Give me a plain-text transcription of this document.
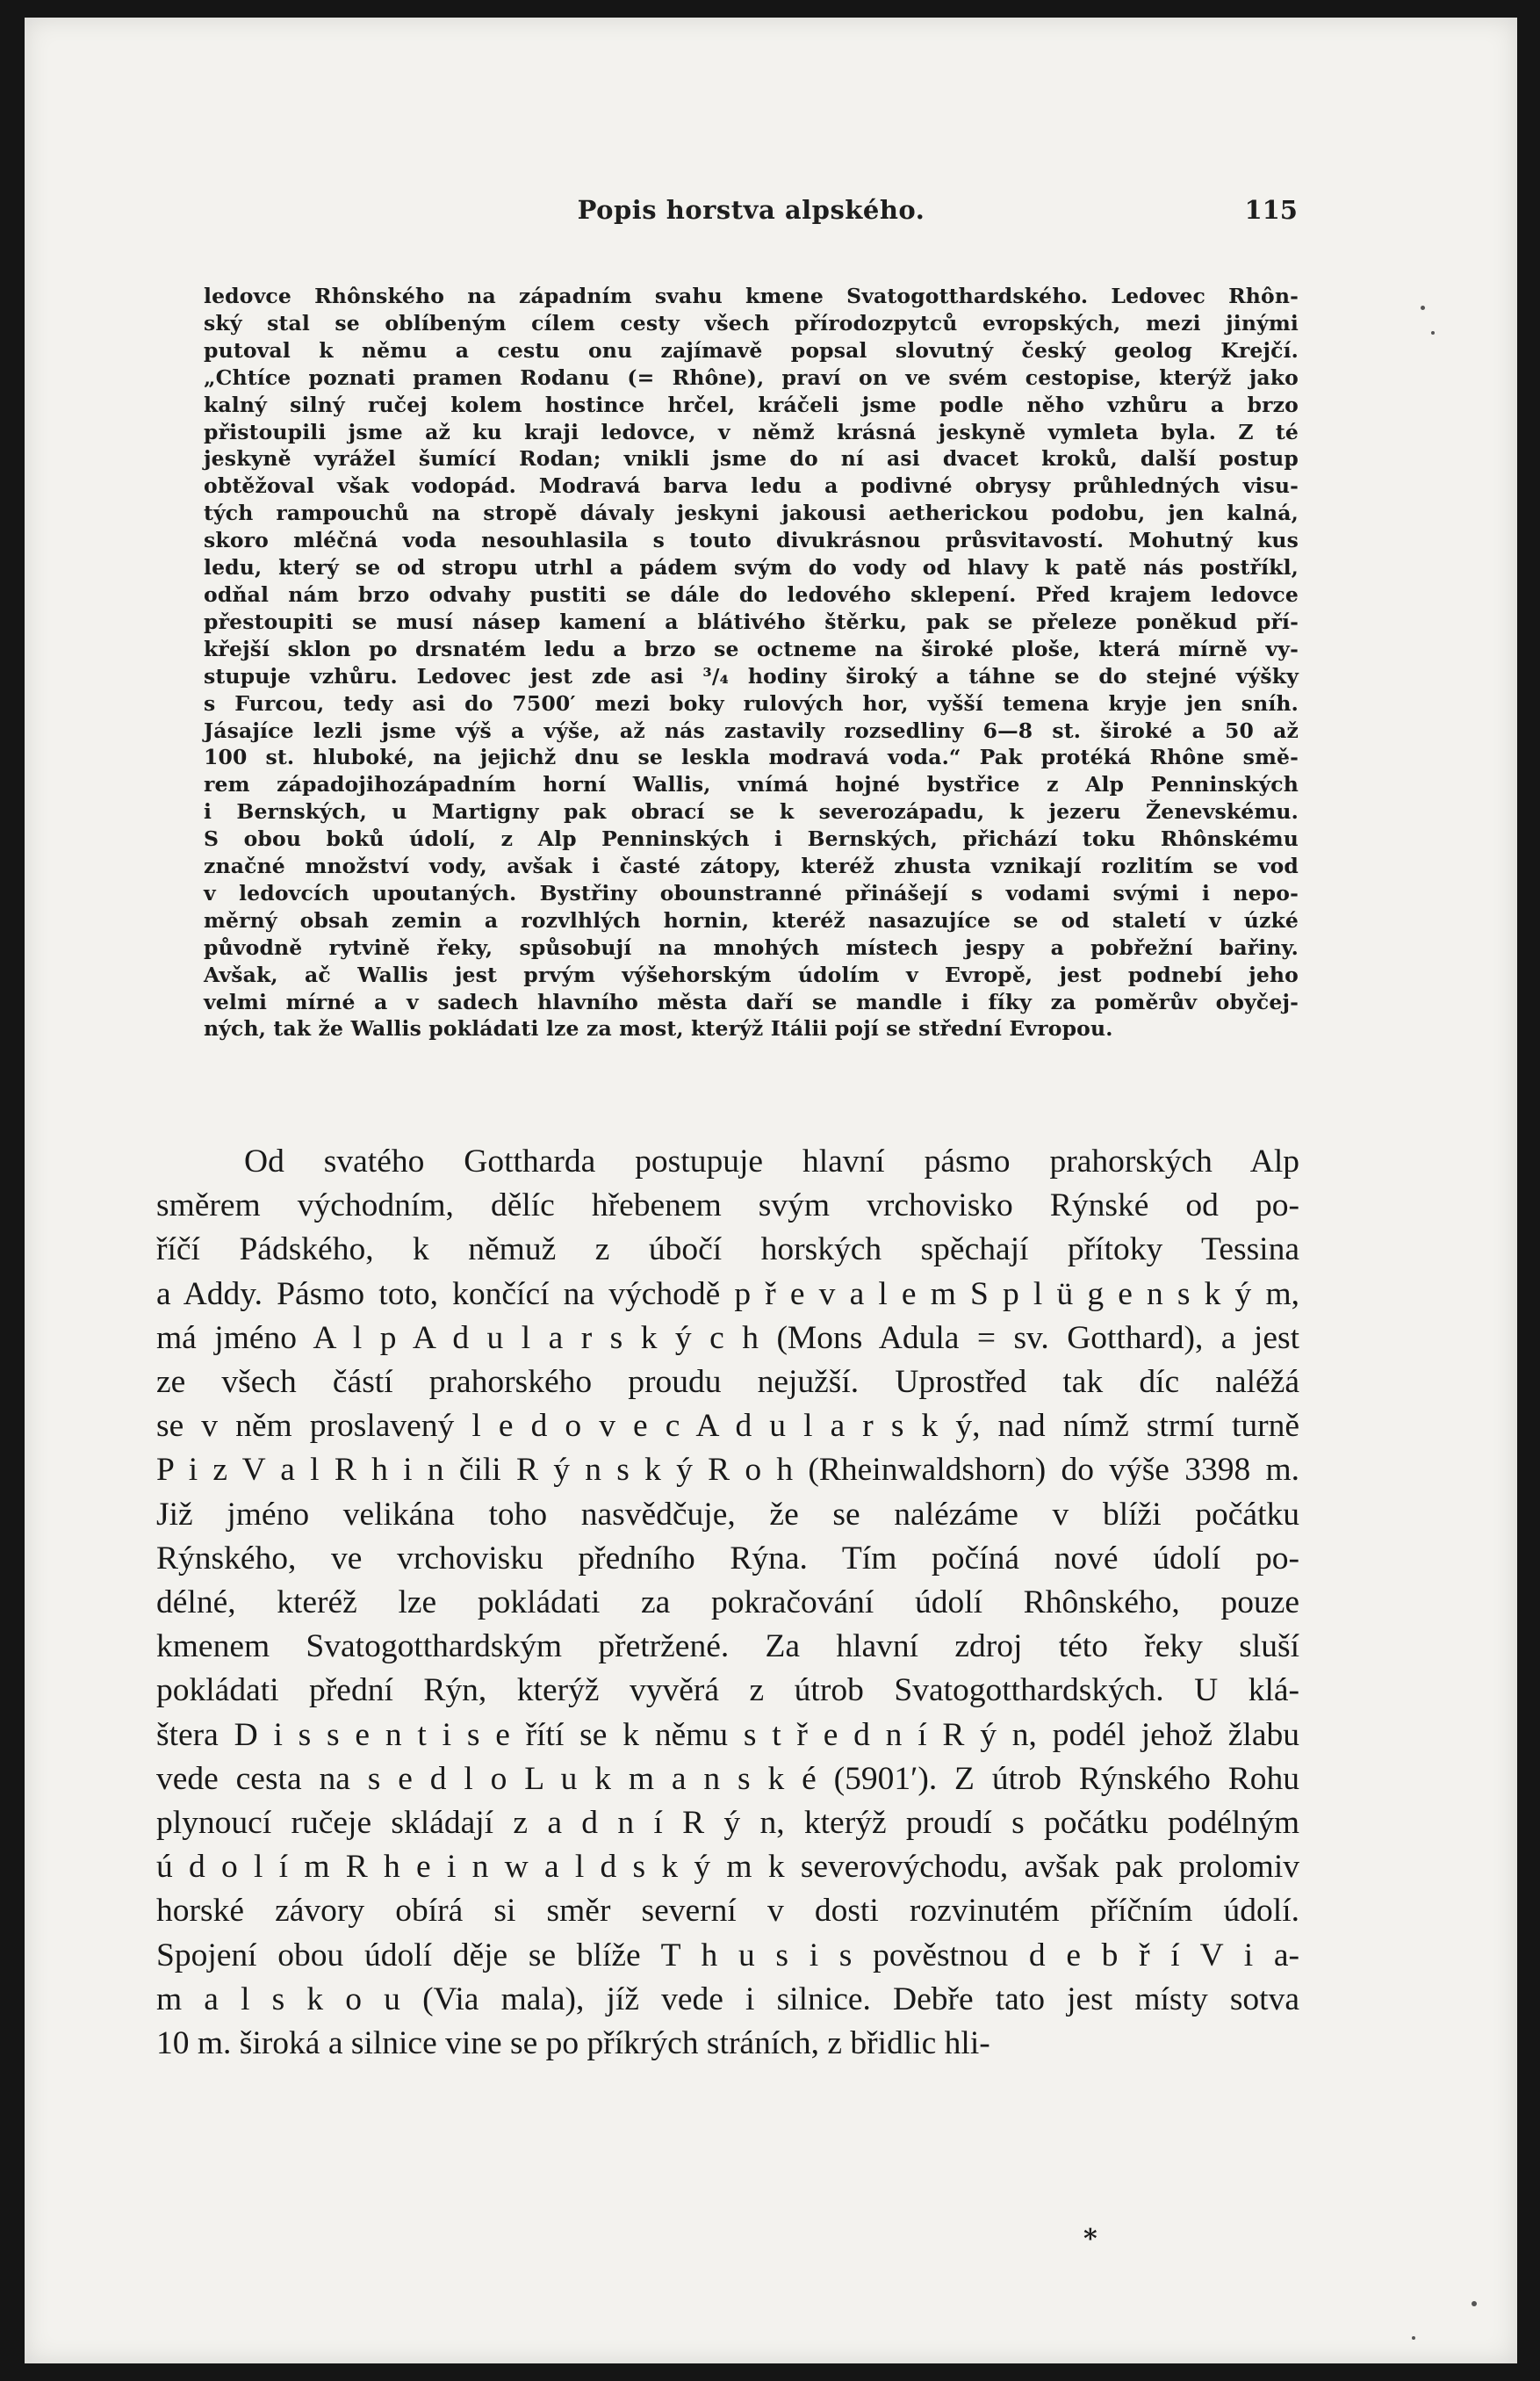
Popis horstva alpského.	115
ledovce Rhônského na západním svahu kmene Svatogotthardského. Ledovec Rhôn-
ský stal se oblíbeným cílem cesty všech přírodozpytců evropských, mezi jinými
putoval k němu a cestu onu zajímavě popsal slovutný český geolog Krejčí.
„Chtíce poznati pramen Rodanu (= Rhône), praví on ve svém cestopise, kterýž jako
kalný silný ručej kolem hostince hrčel, kráčeli jsme podle něho vzhůru a brzo
přistoupili jsme až ku kraji ledovce, v němž krásná jeskyně vymleta byla. Z té
jeskyně vyrážel šumící Rodan; vnikli jsme do ní asi dvacet kroků, další postup
obtěžoval však vodopád. Modravá barva ledu a podivné obrysy průhledných visu-
tých rampouchů na stropě dávaly jeskyni jakousi aetherickou podobu, jen kalná,
skoro mléčná voda nesouhlasila s touto divukrásnou průsvitavostí. Mohutný kus
ledu, který se od stropu utrhl a pádem svým do vody od hlavy k patě nás postříkl,
odňal nám brzo odvahy pustiti se dále do ledového sklepení. Před krajem ledovce
přestoupiti se musí násep kamení a blátivého štěrku, pak se přeleze poněkud pří-
křejší sklon po drsnatém ledu a brzo se octneme na široké ploše, která mírně vy-
stupuje vzhůru. Ledovec jest zde asi ³/₄ hodiny široký a táhne se do stejné výšky
s Furcou, tedy asi do 7500′ mezi boky rulových hor, vyšší temena kryje jen sníh.
Jásajíce lezli jsme výš a výše, až nás zastavily rozsedliny 6—8 st. široké a 50 až
100 st. hluboké, na jejichž dnu se leskla modravá voda.“ Pak protéká Rhône smě-
rem západojihozápadním horní Wallis, vnímá hojné bystřice z Alp Penninských
i Bernských, u Martigny pak obrací se k severozápadu, k jezeru Ženevskému.
S obou boků údolí, z Alp Penninských i Bernských, přichází toku Rhônskému
značné množství vody, avšak i časté zátopy, kteréž zhusta vznikají rozlitím se vod
v ledovcích upoutaných. Bystřiny obounstranné přinášejí s vodami svými i nepo-
měrný obsah zemin a rozvlhlých hornin, kteréž nasazujíce se od staletí v úzké
původně rytvině řeky, spůsobují na mnohých místech jespy a pobřežní bařiny.
Avšak, ač Wallis jest prvým výšehorským údolím v Evropě, jest podnebí jeho
velmi mírné a v sadech hlavního města daří se mandle i fíky za poměrův obyčej-
ných, tak že Wallis pokládati lze za most, kterýž Itálii pojí se střední Evropou.
Od svatého Gottharda postupuje hlavní pásmo prahorských Alp
směrem východním, dělíc hřebenem svým vrchovisko Rýnské od po-
říčí Pádského, k němuž z úbočí horských spěchají přítoky Tessina
a Addy. Pásmo toto, končící na východě p ř e v a l e m S p l ü g e n s k ý m,
má jméno A l p A d u l a r s k ý c h (Mons Adula = sv. Gotthard), a jest
ze všech částí prahorského proudu nejužší. Uprostřed tak díc naléžá
se v něm proslavený l e d o v e c A d u l a r s k ý, nad nímž strmí turně
P i z V a l R h i n čili R ý n s k ý R o h (Rheinwaldshorn) do výše 3398 m.
Již jméno velikána toho nasvědčuje, že se nalézáme v blíži počátku
Rýnského, ve vrchovisku předního Rýna. Tím počíná nové údolí po-
délné, kteréž lze pokládati za pokračování údolí Rhônského, pouze
kmenem Svatogotthardským přetržené. Za hlavní zdroj této řeky sluší
pokládati přední Rýn, kterýž vyvěrá z útrob Svatogotthardských. U klá-
štera D i s s e n t i s e řítí se k němu s t ř e d n í R ý n, podél jehož žlabu
vede cesta na s e d l o L u k m a n s k é (5901′). Z útrob Rýnského Rohu
plynoucí ručeje skládají z a d n í R ý n, kterýž proudí s počátku podélným
ú d o l í m R h e i n w a l d s k ý m k severovýchodu, avšak pak prolomiv
horské závory obírá si směr severní v dosti rozvinutém příčním údolí.
Spojení obou údolí děje se blíže T h u s i s pověstnou d e b ř í V i a-
m a l s k o u (Via mala), jíž vede i silnice. Debře tato jest místy sotva
10 m. široká a silnice vine se po příkrých stráních, z břidlic hli-
*
